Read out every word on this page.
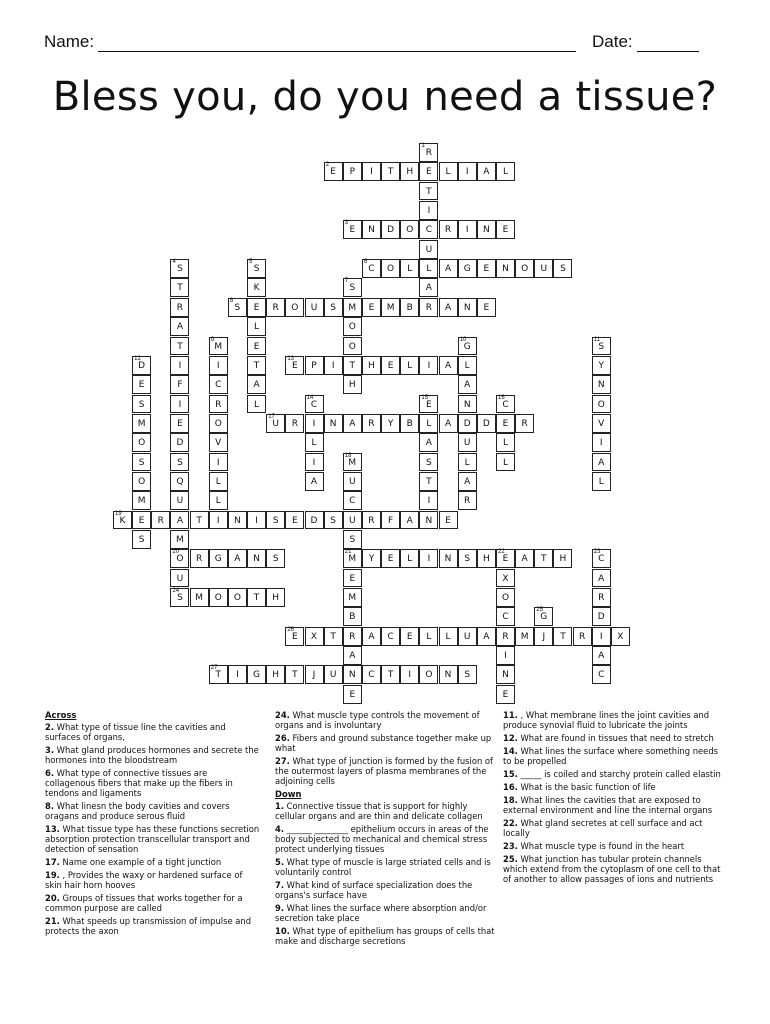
Name:	Date:
Bless you, do you need a tissue?
1
R
E
T
I
C
U
L
A
R
2
E	P	I	T	H	L	I	A	L
3
E	N	D	O	R	I	N	E
4
S
T
R
A
T
I
F
I
E
D
S
Q
U
A
M
20
O
U
24
S
5
S
K
E
L
E
T
A
L
6
C	O	L	A	G	E	N	O	U	S
7
S
M
O
O
T
H
8
S	R	O	U	S	E	M	B	A	N	E
9
M
I
C
R
O
V
I
L
L
10
G
L
A
N
D
U
L
A
R
11
S
Y
N
O
V
I
A
L
12
D
E
S
M
O
S
O
M
E
S
13
E	P	I	H	E	L	I	A
14
C
I
L
I
A
15
E
L
A
S
T
I
N
16
C
E
L
L
17
U	R	N	A	R	Y	B	A	D	R
18
M
U
C
U
S
21
M
E
M
B
R
A
N
E
19
K	R	T	I	N	I	S	E	D	S	R	F	A	E
R	G	A	N	S	Y	E	L	I	N	S	H
22
E	A	T	H
X
O
C
R
I
N
E
23
C
A
R
D
I
A
C
M	O	O	T	H
25
G
J
26
E	X	T	A	C	E	L	L	U	A	M	T	R	X
27
T	I	G	H	T	J	U	C	T	I	O	N	S
Across
2. What type of tissue line the cavities and surfaces of organs,
3. What gland produces hormones and secrete the hormones into the bloodstream
6. What type of connective tissues are collagenous fibers that make up the fibers in tendons and ligaments
8. What linesn the body cavities and covers oragans and produce serous fluid
13. What tissue type has these functions secretion absorption protection transcellular transport and detection of sensation
17. Name one example of a tight junction
19. , Provides the waxy or hardened surface of skin hair horn hooves
20. Groups of tissues that works together for a common purpose are called
21. What speeds up transmission of impulse and protects the axon
24. What muscle type controls the movement of organs and is involuntary
26. Fibers and ground substance together make up what
27. What type of junction is formed by the fusion of the outermost layers of plasma membranes of the adjoining cells
Down
1. Connective tissue that is support for highly cellular organs and are thin and delicate collagen
4. ______ ________ epithelium occurs in areas of the body subjected to mechanical and chemical stress protect underlying tissues
5. What type of muscle is large striated cells and is voluntarily control
7. What kind of surface specialization does the organs's surface have
9. What lines the surface where absorption and/or secretion take place
10. What type of epithelium has groups of cells that make and discharge secretions
11. , What membrane lines the joint cavities and produce synovial fluid to lubricate the joints
12. What are found in tissues that need to stretch
14. What lines the surface where something needs to be propelled
15. _____ is coiled and starchy protein called elastin
16. What is the basic function of life
18. What lines the cavities that are exposed to external environment and line the internal organs
22. What gland secretes at cell surface and act locally
23. What muscle type is found in the heart
25. What junction has tubular protein channels which extend from the cytoplasm of one cell to that of another to allow passages of ions and nutrients
